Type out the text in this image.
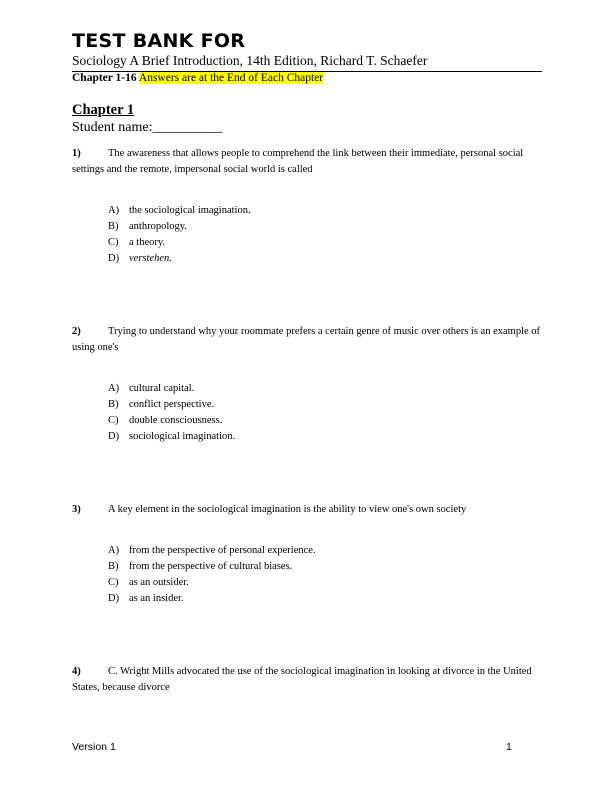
TEST BANK FOR
Sociology A Brief Introduction, 14th Edition, Richard T. Schaefer
Chapter 1-16 Answers are at the End of Each Chapter
Chapter 1
Student name:__________
1)	The awareness that allows people to comprehend the link between their immediate, personal social settings and the remote, impersonal social world is called
A) the sociological imagination.
B) anthropology.
C) a theory.
D) verstehen.
2)	Trying to understand why your roommate prefers a certain genre of music over others is an example of using one's
A) cultural capital.
B) conflict perspective.
C) double consciousness.
D) sociological imagination.
3)	A key element in the sociological imagination is the ability to view one's own society
A) from the perspective of personal experience.
B) from the perspective of cultural biases.
C) as an outsider.
D) as an insider.
4)	C. Wright Mills advocated the use of the sociological imagination in looking at divorce in the United States, because divorce
Version 1	1
